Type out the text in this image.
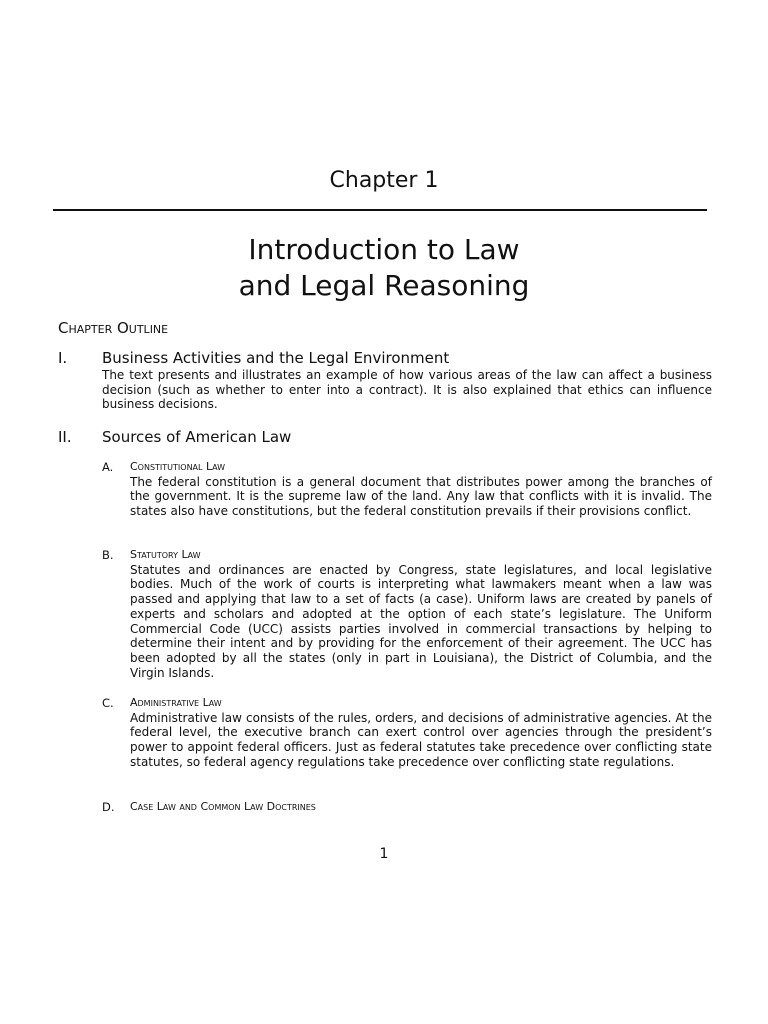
Chapter 1
Introduction to Law
and Legal Reasoning
Chapter Outline
I. Business Activities and the Legal Environment
The text presents and illustrates an example of how various areas of the law can affect a business decision (such as whether to enter into a contract). It is also explained that ethics can influence business decisions.
II. Sources of American Law
A. Constitutional Law
The federal constitution is a general document that distributes power among the branches of the government. It is the supreme law of the land. Any law that conflicts with it is invalid. The states also have constitutions, but the federal constitution prevails if their provisions conflict.
B. Statutory Law
Statutes and ordinances are enacted by Congress, state legislatures, and local legislative bodies. Much of the work of courts is interpreting what lawmakers meant when a law was passed and applying that law to a set of facts (a case). Uniform laws are created by panels of experts and scholars and adopted at the option of each state’s legislature. The Uniform Commercial Code (UCC) assists parties involved in commercial transactions by helping to determine their intent and by providing for the enforcement of their agreement. The UCC has been adopted by all the states (only in part in Louisiana), the District of Columbia, and the Virgin Islands.
C. Administrative Law
Administrative law consists of the rules, orders, and decisions of administrative agencies. At the federal level, the executive branch can exert control over agencies through the president’s power to appoint federal officers. Just as federal statutes take precedence over conflicting state statutes, so federal agency regulations take precedence over conflicting state regulations.
D. Case Law and Common Law Doctrines
1
